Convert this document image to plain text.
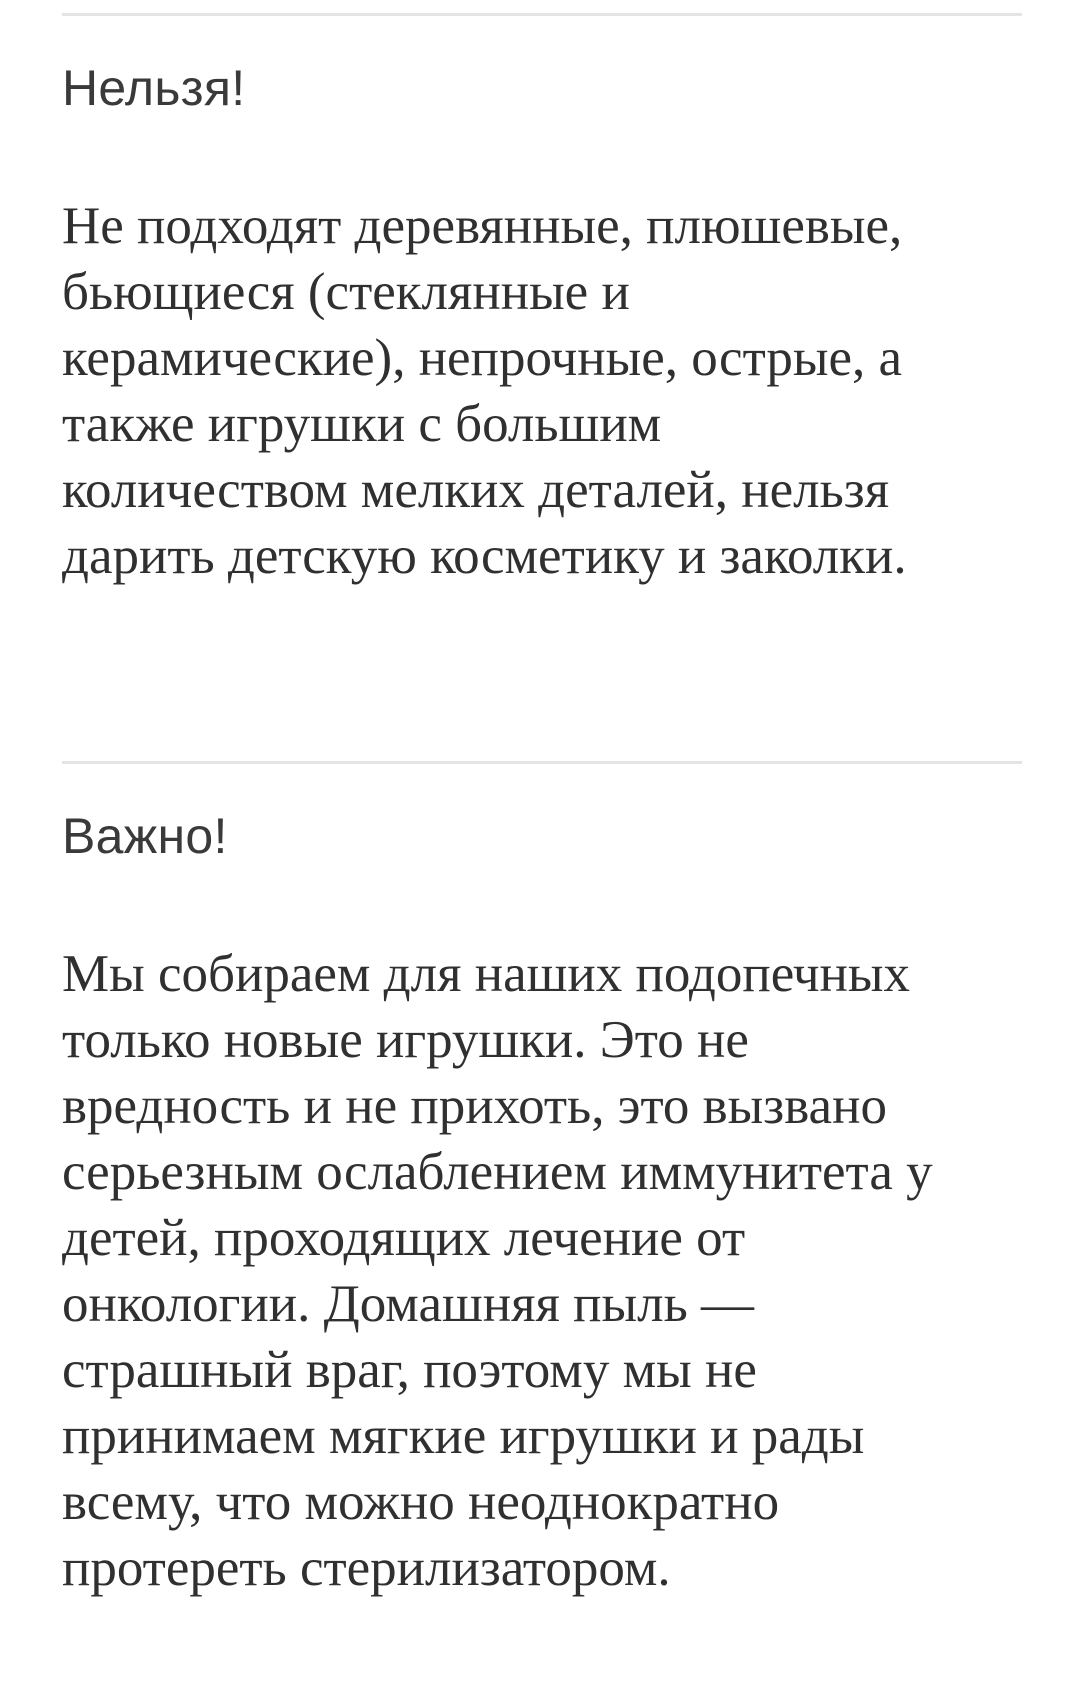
Нельзя!

Не подходят деревянные, плюшевые, бьющиеся (стеклянные и керамические), непрочные, острые, а также игрушки с большим количеством мелких деталей, нельзя дарить детскую косметику и заколки.

Важно!

Мы собираем для наших подопечных только новые игрушки. Это не вредность и не прихоть, это вызвано серьезным ослаблением иммунитета у детей, проходящих лечение от онкологии. Домашняя пыль — страшный враг, поэтому мы не принимаем мягкие игрушки и рады всему, что можно неоднократно протереть стерилизатором.
